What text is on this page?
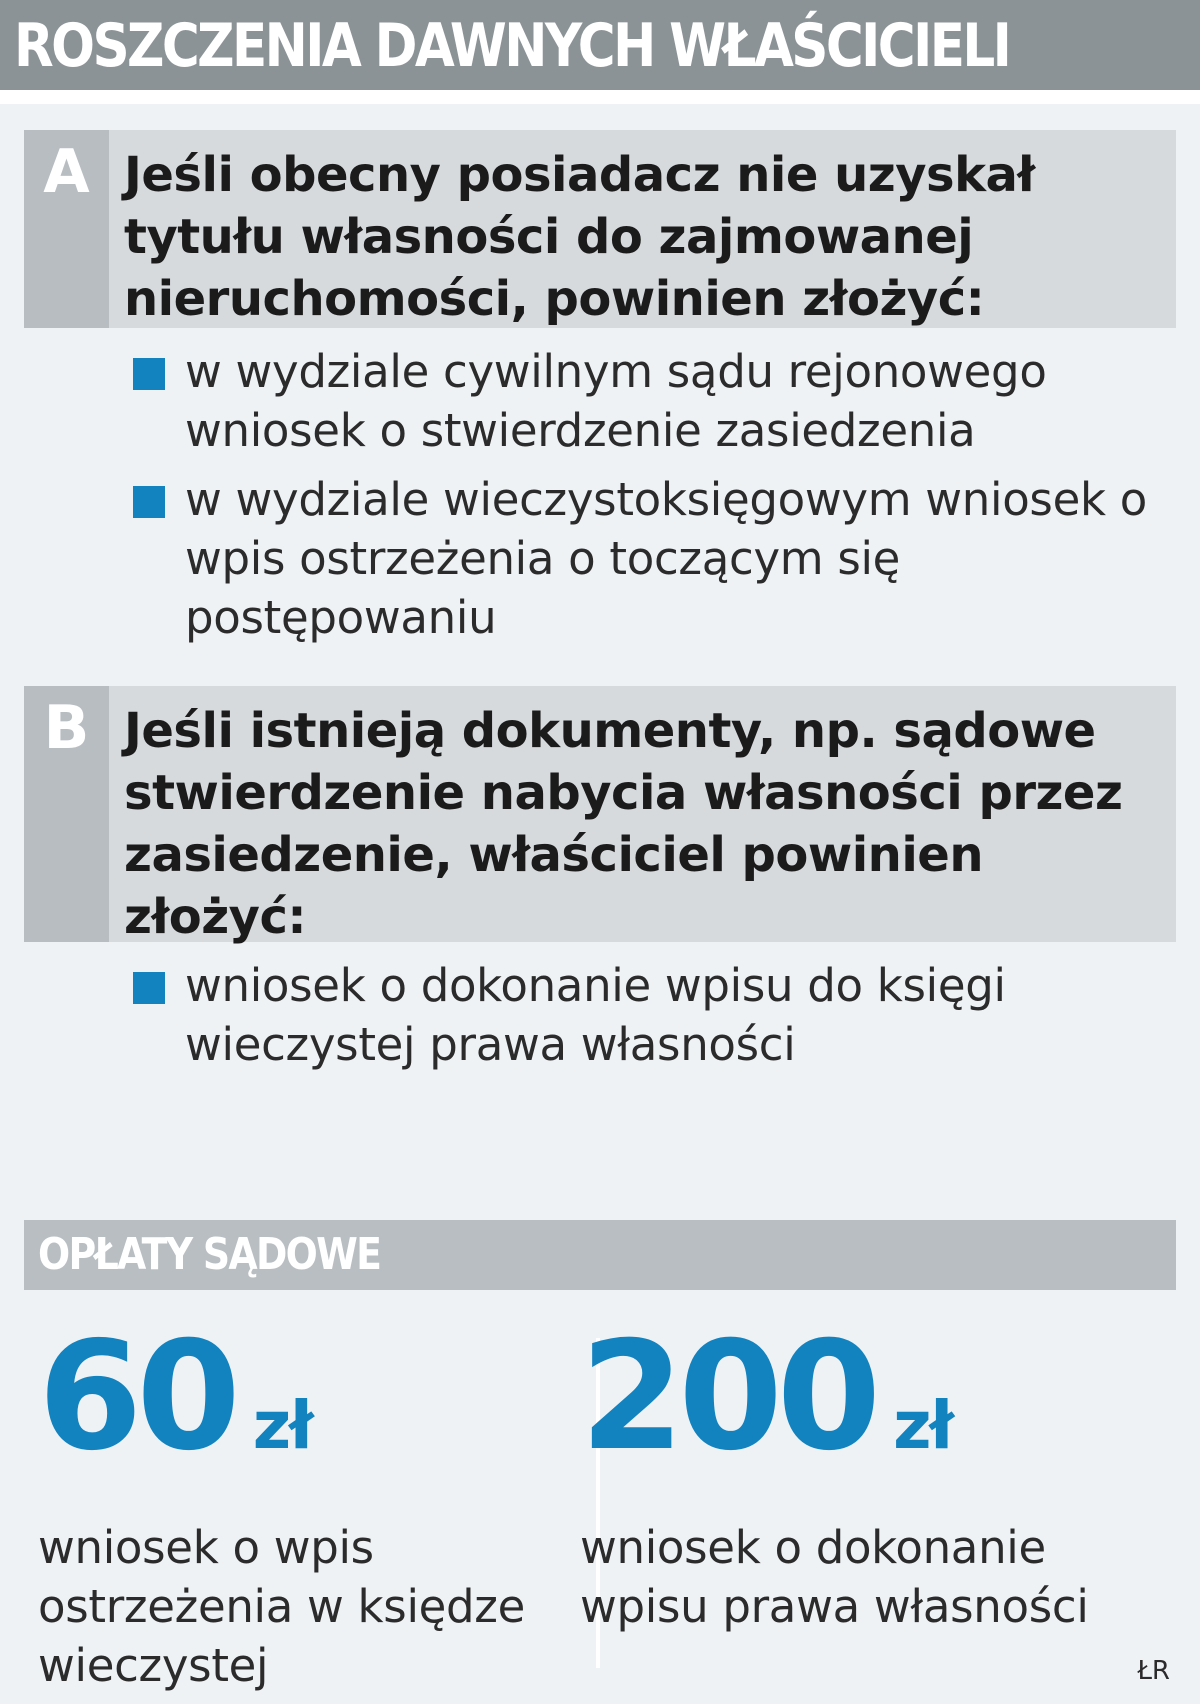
ROSZCZENIA DAWNYCH WŁAŚCICIELI
A Jeśli obecny posiadacz nie uzyskał tytułu własności do zajmowanej nieruchomości, powinien złożyć:
w wydziale cywilnym sądu rejonowego wniosek o stwierdzenie zasiedzenia
w wydziale wieczystoksięgowym wniosek o wpis ostrzeżenia o toczącym się postępowaniu
B Jeśli istnieją dokumenty, np. sądowe stwierdzenie nabycia własności przez zasiedzenie, właściciel powinien złożyć:
wniosek o dokonanie wpisu do księgi wieczystej prawa własności
OPŁATY SĄDOWE
60 zł
wniosek o wpis ostrzeżenia w księdze wieczystej
200 zł
wniosek o dokonanie wpisu prawa własności
ŁR
